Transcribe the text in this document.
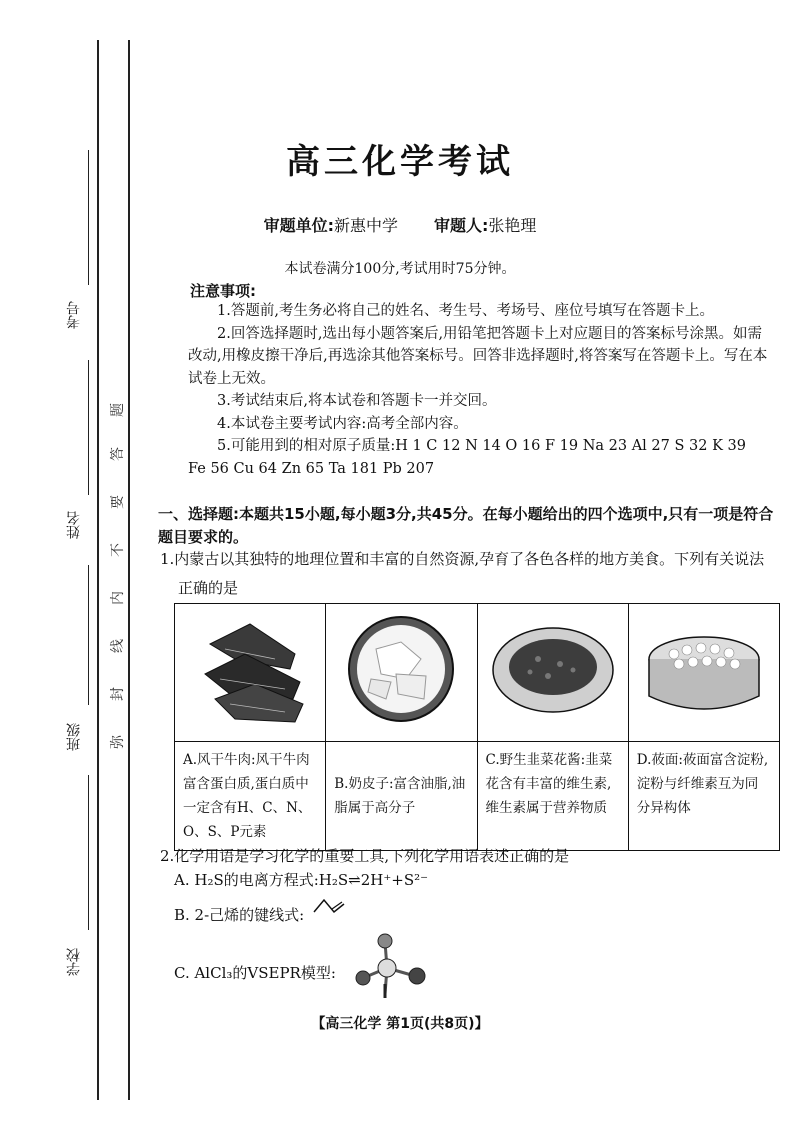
考号
姓名
班级
学校
题
答
要
不
内
线
封
弥
高三化学考试
审题单位:新惠中学 审题人:张艳理
本试卷满分100分,考试用时75分钟。
注意事项:

1.答题前,考生务必将自己的姓名、考生号、考场号、座位号填写在答题卡上。

2.回答选择题时,选出每小题答案后,用铅笔把答题卡上对应题目的答案标号涂黑。如需改动,用橡皮擦干净后,再选涂其他答案标号。回答非选择题时,将答案写在答题卡上。写在本试卷上无效。

3.考试结束后,将本试卷和答题卡一并交回。

4.本试卷主要考试内容:高考全部内容。

5.可能用到的相对原子质量:H 1 C 12 N 14 O 16 F 19 Na 23 Al 27 S 32 K 39 Fe 56 Cu 64 Zn 65 Ta 181 Pb 207

一、选择题:本题共15小题,每小题3分,共45分。在每小题给出的四个选项中,只有一项是符合题目要求的。
1.内蒙古以其独特的地理位置和丰富的自然资源,孕育了各色各样的地方美食。下列有关说法
正确的是

A.风干牛肉:风干牛肉富含蛋白质,蛋白质中一定含有H、C、N、O、S、P元素	B.奶皮子:富含油脂,油脂属于高分子	C.野生韭菜花酱:韭菜花含有丰富的维生素,维生素属于营养物质	D.莜面:莜面富含淀粉,淀粉与纤维素互为同分异构体
2.化学用语是学习化学的重要工具,下列化学用语表述正确的是
A. H₂S的电离方程式:H₂S⇌2H⁺+S²⁻
B. 2-己烯的键线式:
C. AlCl₃的VSEPR模型:
【高三化学 第1页(共8页)】
